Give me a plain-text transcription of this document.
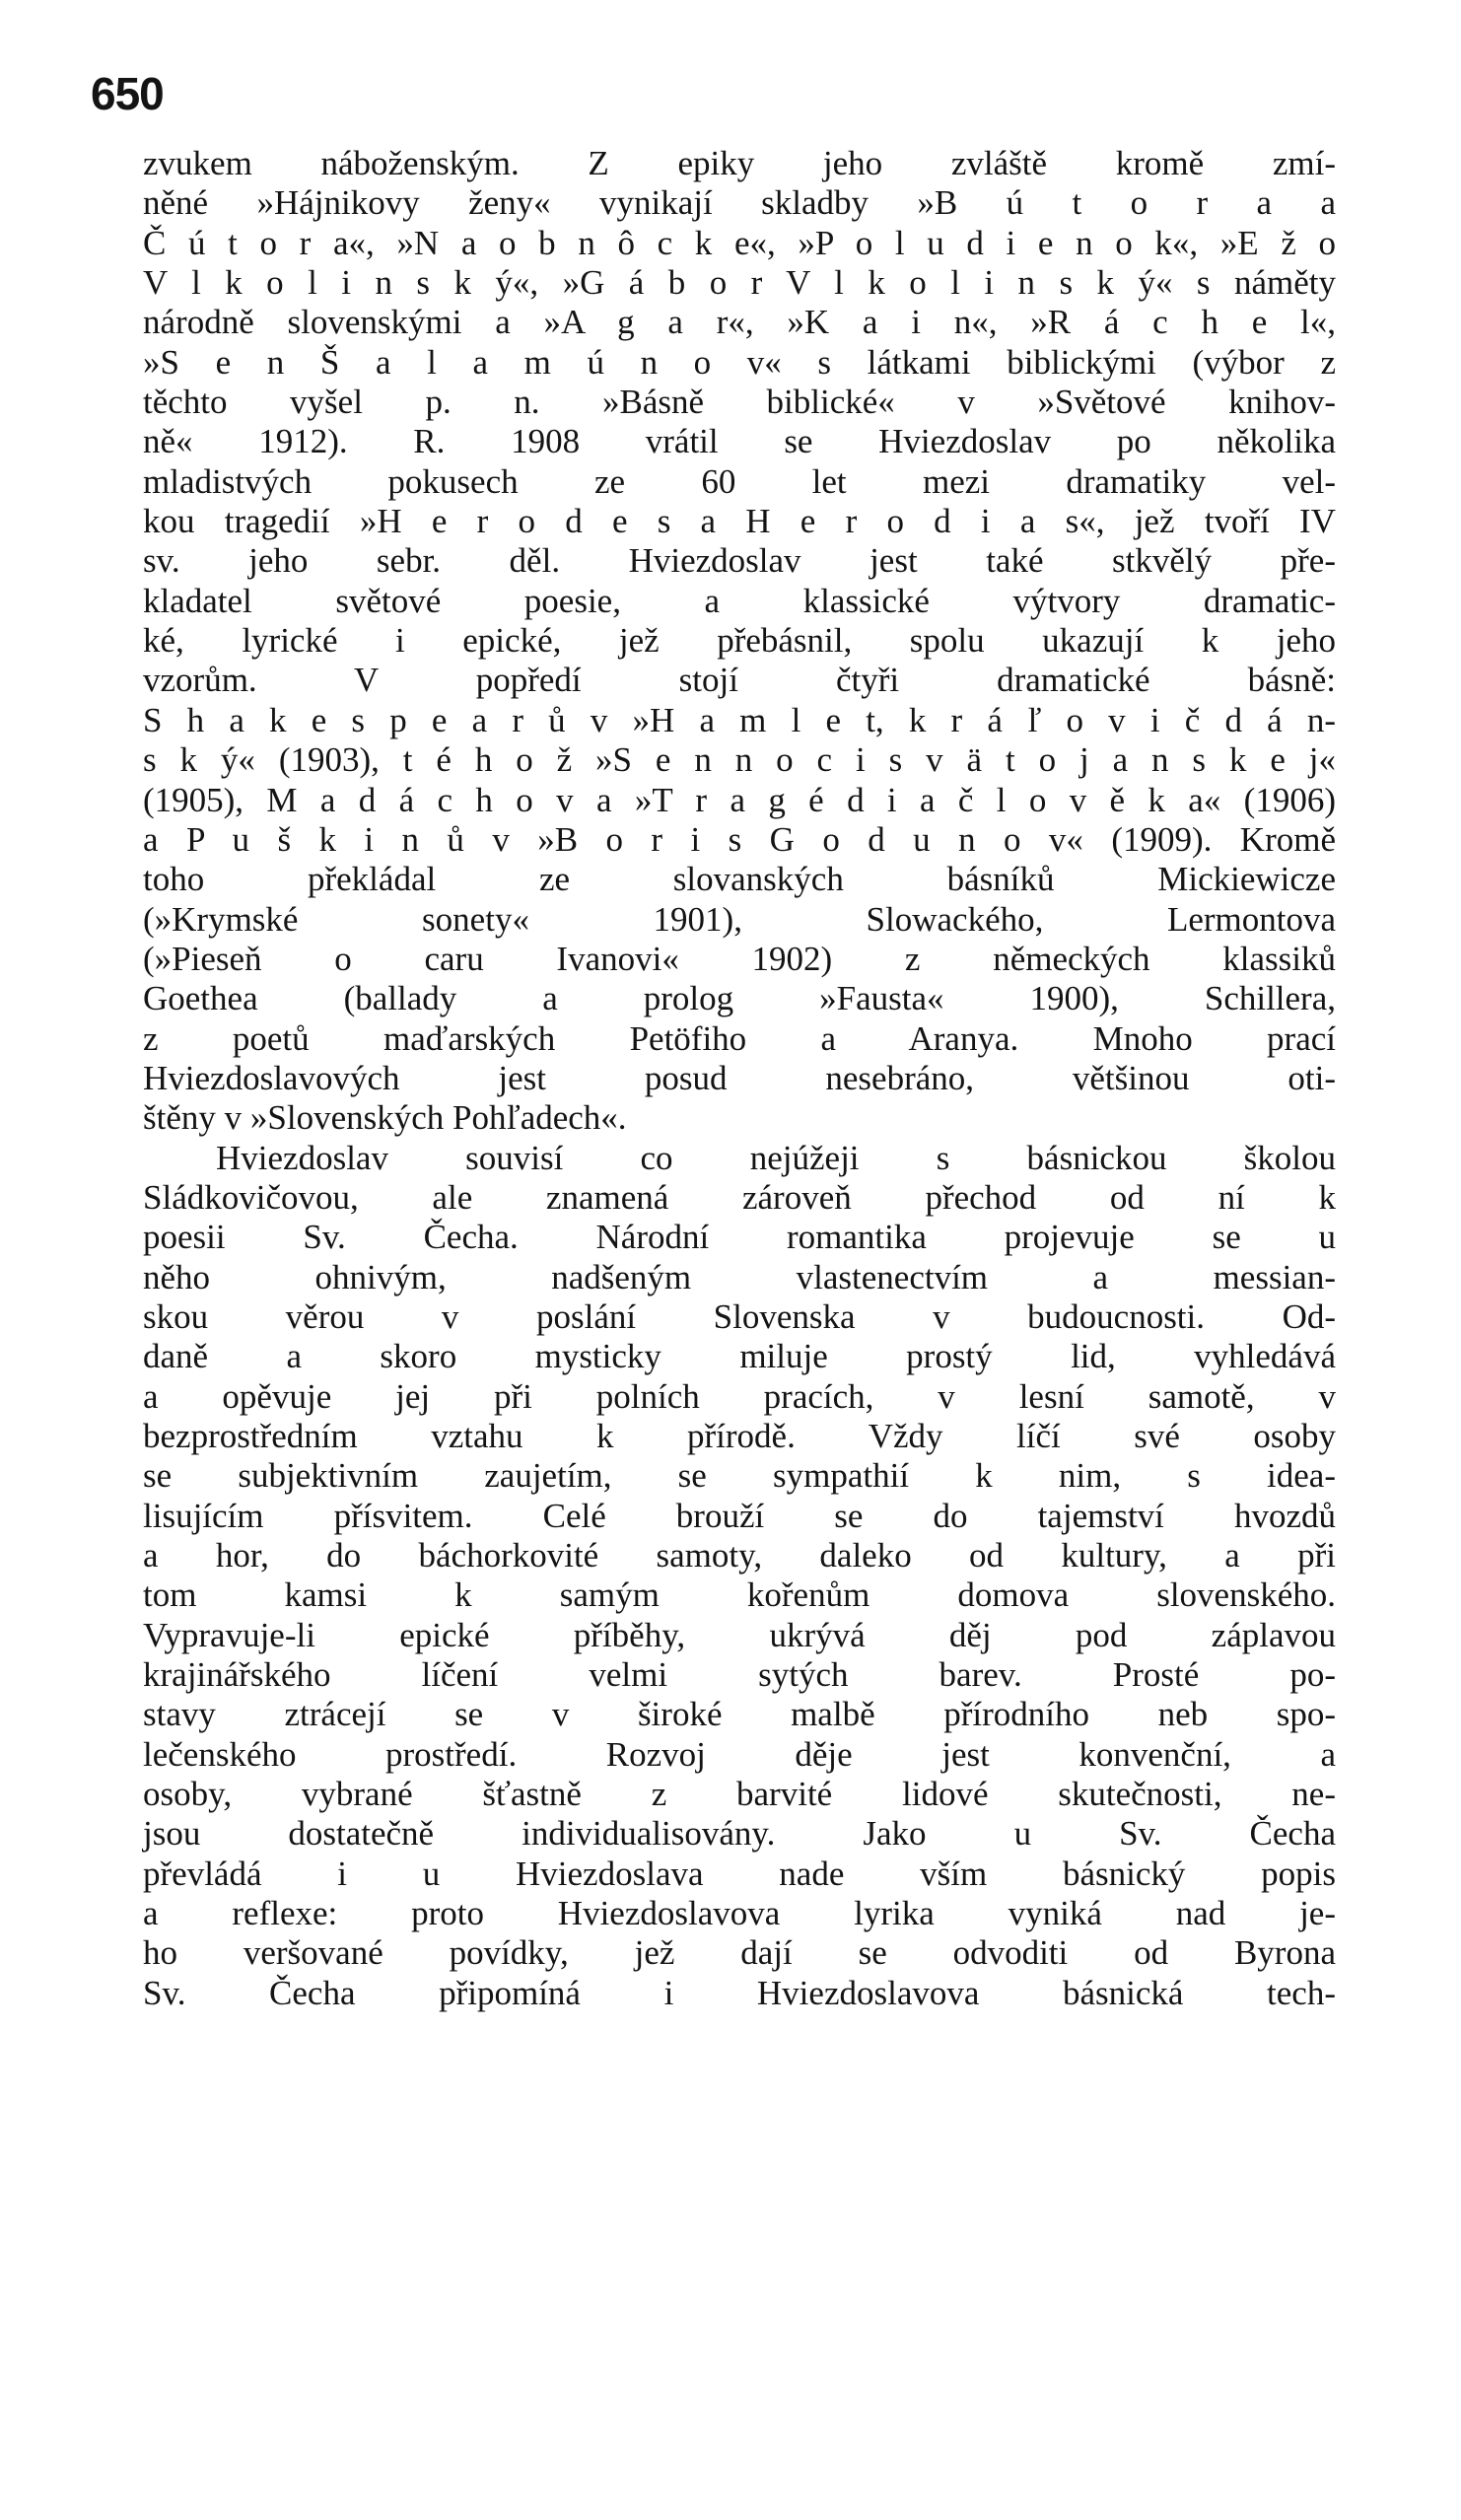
650
zvukem náboženským. Z epiky jeho zvláště kromě zmí-
něné »Hájnikovy ženy« vynikají skladby »B ú t o r a a
Č ú t o r a«, »N a o b n ô c k e«, »P o l u d i e n o k«, »E ž o
V l k o l i n s k ý«, »G á b o r V l k o l i n s k ý« s náměty
národně slovenskými a »A g a r«, »K a i n«, »R á c h e l«,
»S e n Š a l a m ú n o v« s látkami biblickými (výbor z
těchto vyšel p. n. »Básně biblické« v »Světové knihov-
ně« 1912). R. 1908 vrátil se Hviezdoslav po několika
mladistvých pokusech ze 60 let mezi dramatiky vel-
kou tragedií »H e r o d e s a H e r o d i a s«, jež tvoří IV
sv. jeho sebr. děl. Hviezdoslav jest také stkvělý pře-
kladatel světové poesie, a klassické výtvory dramatic-
ké, lyrické i epické, jež přebásnil, spolu ukazují k jeho
vzorům. V popředí stojí čtyři dramatické básně:
S h a k e s p e a r ů v »H a m l e t, k r á ľ o v i č d á n-
s k ý« (1903), t é h o ž »S e n n o c i s v ä t o j a n s k e j«
(1905), M a d á c h o v a »T r a g é d i a č l o v ě k a« (1906)
a P u š k i n ů v »B o r i s G o d u n o v« (1909). Kromě
toho překládal ze slovanských básníků Mickiewicze
(»Krymské sonety« 1901), Slowackého, Lermontova
(»Pieseň o caru Ivanovi« 1902) z německých klassiků
Goethea (ballady a prolog »Fausta« 1900), Schillera,
z poetů maďarských Petöfiho a Aranya. Mnoho prací
Hviezdoslavových jest posud nesebráno, většinou oti-
štěny v »Slovenských Pohľadech«.
Hviezdoslav souvisí co nejúžeji s básnickou školou
Sládkovičovou, ale znamená zároveň přechod od ní k
poesii Sv. Čecha. Národní romantika projevuje se u
něho ohnivým, nadšeným vlastenectvím a messian-
skou věrou v poslání Slovenska v budoucnosti. Od-
daně a skoro mysticky miluje prostý lid, vyhledává
a opěvuje jej při polních pracích, v lesní samotě, v
bezprostředním vztahu k přírodě. Vždy líčí své osoby
se subjektivním zaujetím, se sympathií k nim, s idea-
lisujícím přísvitem. Celé brouží se do tajemství hvozdů
a hor, do báchorkovité samoty, daleko od kultury, a při
tom kamsi k samým kořenům domova slovenského.
Vypravuje-li epické příběhy, ukrývá děj pod záplavou
krajinářského líčení velmi sytých barev. Prosté po-
stavy ztrácejí se v široké malbě přírodního neb spo-
lečenského prostředí. Rozvoj děje jest konvenční, a
osoby, vybrané šťastně z barvité lidové skutečnosti, ne-
jsou dostatečně individualisovány. Jako u Sv. Čecha
převládá i u Hviezdoslava nade vším básnický popis
a reflexe: proto Hviezdoslavova lyrika vyniká nad je-
ho veršované povídky, jež dají se odvoditi od Byrona
Sv. Čecha připomíná i Hviezdoslavova básnická tech-
